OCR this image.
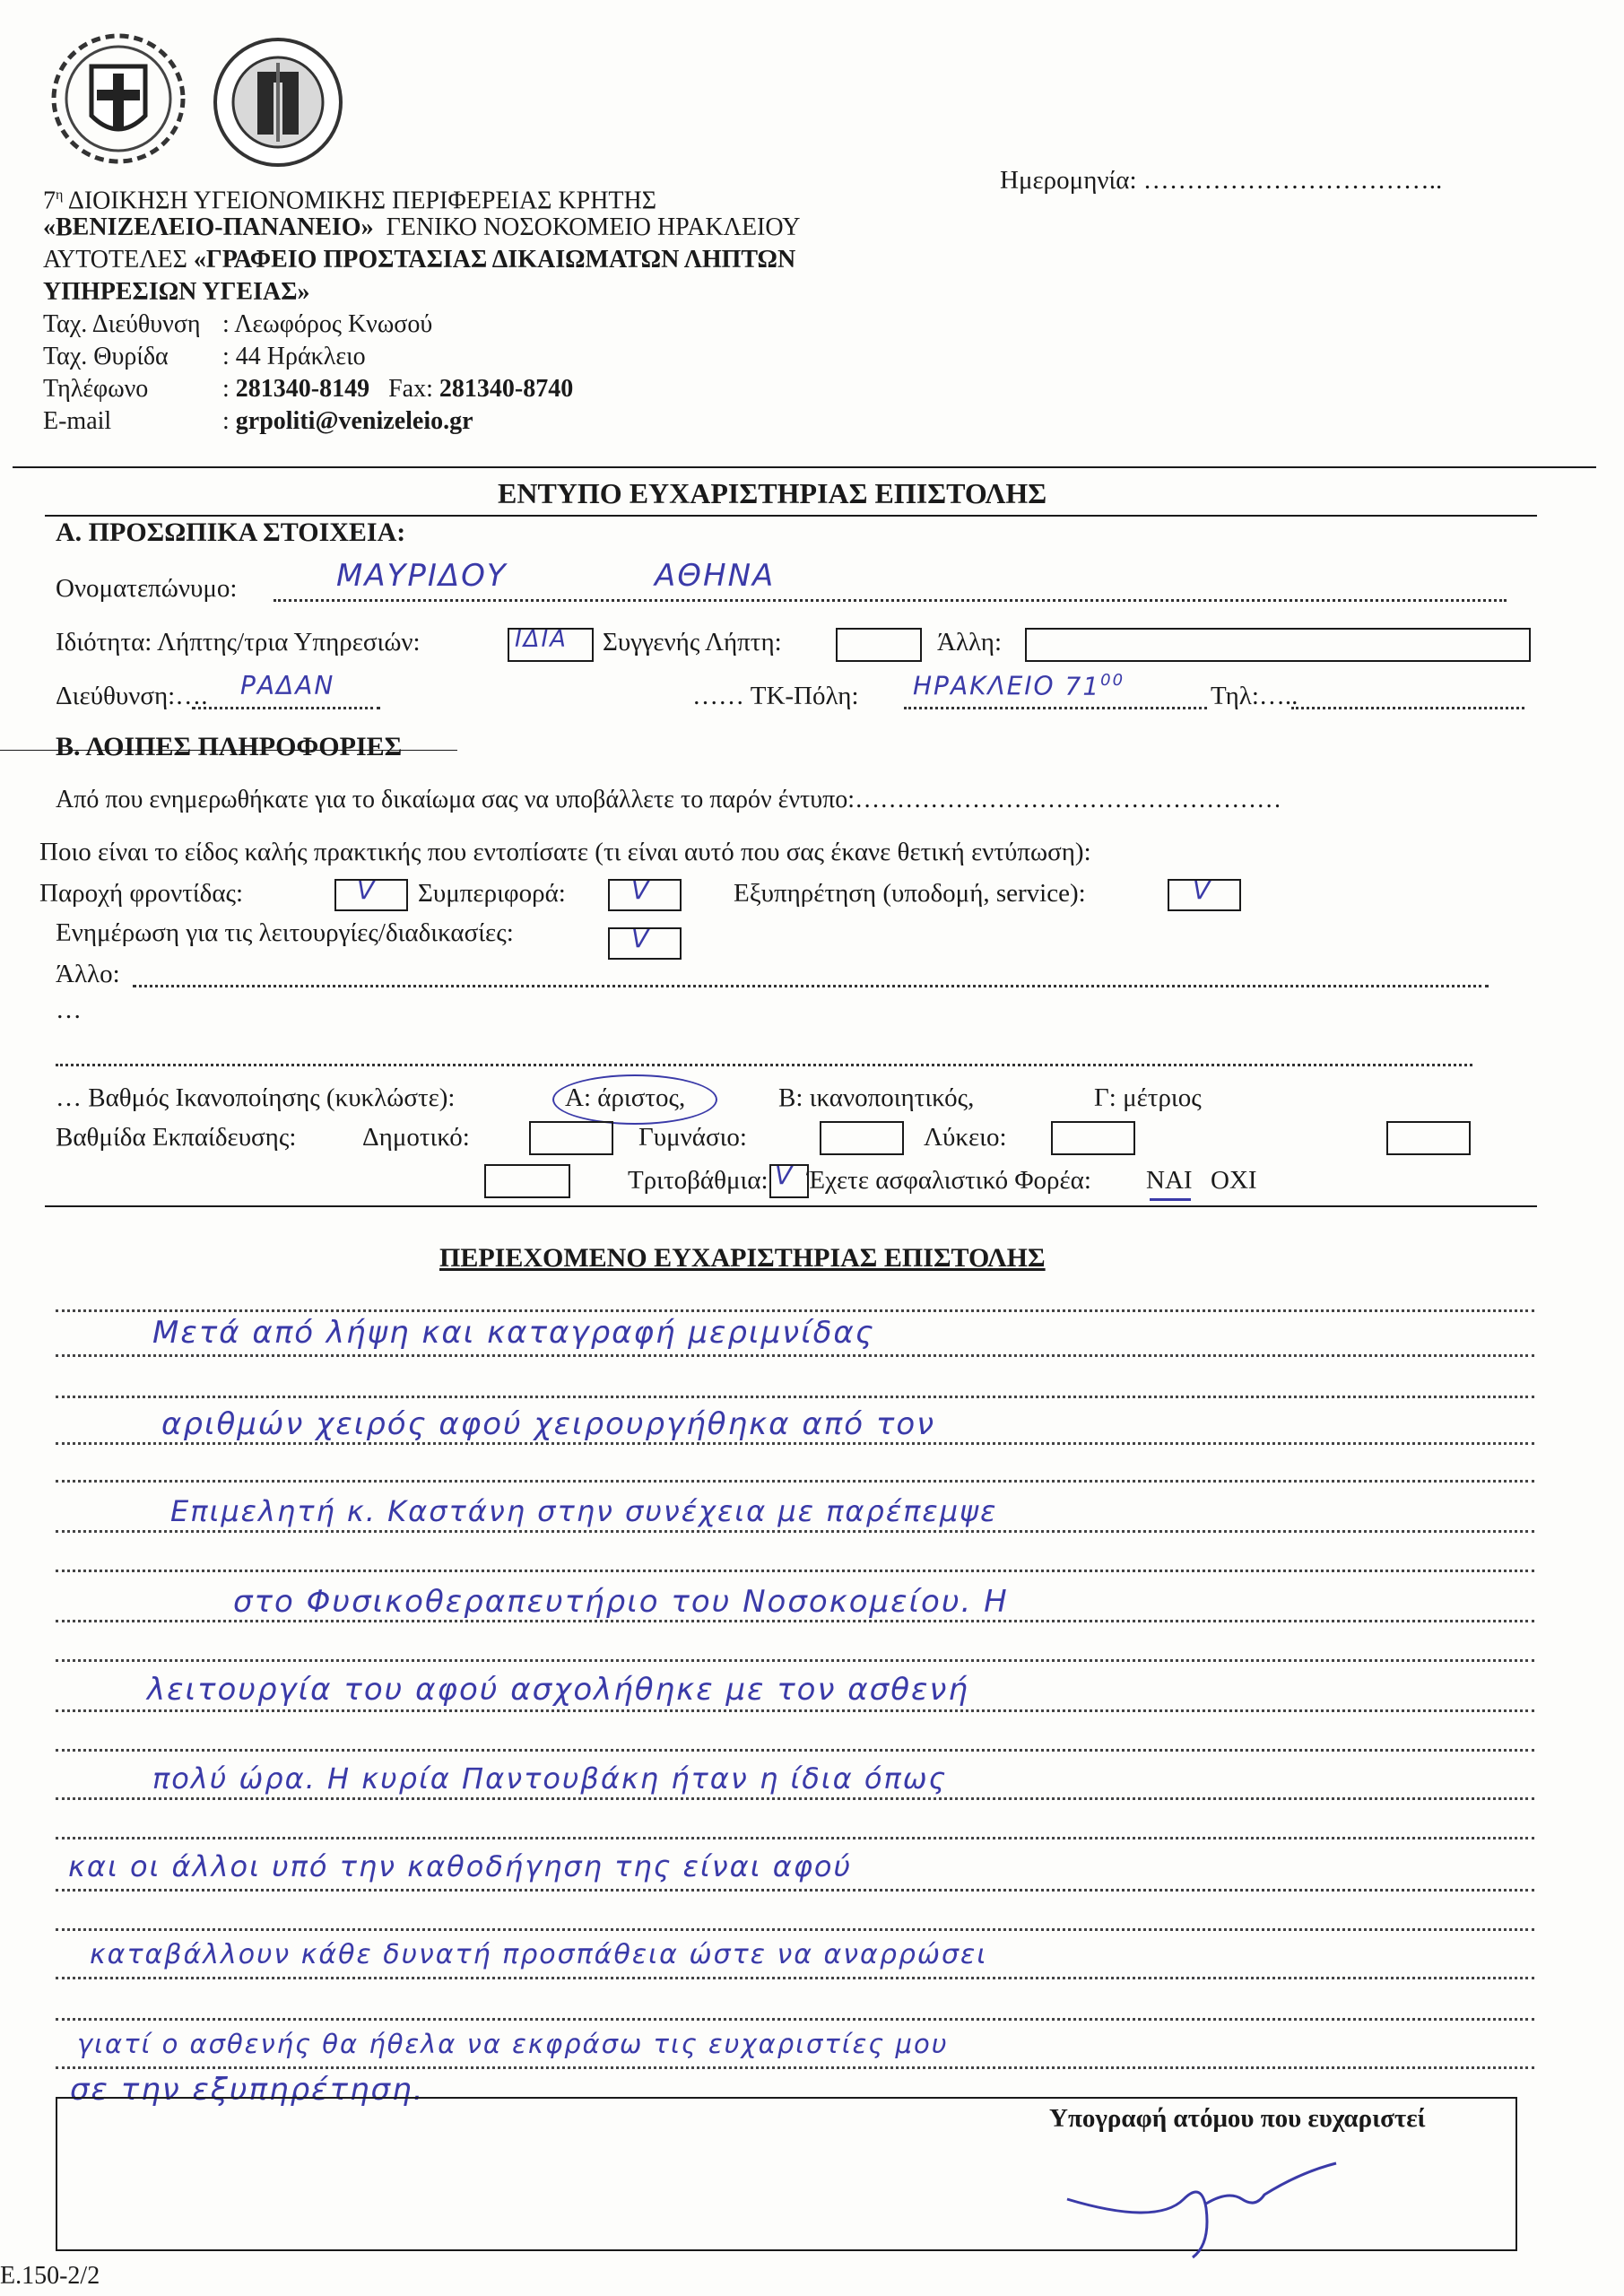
$7^\eta$ ΔΙΟΙΚΗΣΗ ΥΓΕΙΟΝΟΜΙΚΗΣ ΠΕΡΙΦΕΡΕΙΑΣ ΚΡΗΤΗΣ
«ΒΕΝΙΖΕΛΕΙΟ-ΠΑΝΑΝΕΙΟ» ΓΕΝΙΚΟ ΝΟΣΟΚΟΜΕΙΟ ΗΡΑΚΛΕΙΟΥ
ΑΥΤΟΤΕΛΕΣ «ΓΡΑΦΕΙΟ ΠΡΟΣΤΑΣΙΑΣ ΔΙΚΑΙΩΜΑΤΩΝ ΛΗΠΤΩΝ
ΥΠΗΡΕΣΙΩΝ ΥΓΕΙΑΣ»
Ταχ. Διεύθυνση : Λεωφόρος Κνωσού
Ταχ. Θυρίδα : 44 Ηράκλειο
Τηλέφωνο	: 281340-8149 Fax: 281340-8740
E-mail	: grpoliti@venizeleio.gr
Ημερομηνία: ……………………………..
ΕΝΤΥΠΟ ΕΥΧΑΡΙΣΤΗΡΙΑΣ ΕΠΙΣΤΟΛΗΣ
Α. ΠΡΟΣΩΠΙΚΑ ΣΤΟΙΧΕΙΑ:
Ονοματεπώνυμο:	ΜΑΥΡΙΔΟΥ	ΑΘΗΝΑ
Ιδιότητα: Λήπτης/τρια Υπηρεσιών:	ΙΔΙΑ Συγγενής Λήπτη:	Άλλη:
Διεύθυνση:…. ΡΑΔΑΝ	…… ΤΚ-Πόλη: ΗΡΑΚΛΕΙΟ $71^{00}$
Τηλ:…..
Β. ΛΟΙΠΕΣ ΠΛΗΡΟΦΟΡΙΕΣ
Από που ενημερωθήκατε για το δικαίωμα σας να υποβάλλετε το παρόν έντυπο:……………………………………………
Ποιο είναι το είδος καλής πρακτικής που εντοπίσατε (τι είναι αυτό που σας έκανε θετική εντύπωση):
Παροχή φροντίδας:	V Συμπεριφορά:	V	Εξυπηρέτηση (υποδομή, service):	V
Ενημέρωση για τις λειτουργίες/διαδικασίες:	V
Άλλο:
…
… Βαθμός Ικανοποίησης (κυκλώστε):	Α: άριστος,	Β: ικανοποιητικός,	Γ: μέτριος
Βαθμίδα Εκπαίδευσης:	Δημοτικό:	Γυμνάσιο:	Λύκειο:
Τριτοβάθμια: V Έχετε ασφαλιστικό Φορέα: ΝΑΙ ΟΧΙ
ΠΕΡΙΕΧΟΜΕΝΟ ΕΥΧΑΡΙΣΤΗΡΙΑΣ ΕΠΙΣΤΟΛΗΣ
Μετά από λήψη και καταγραφή μεριμνίδας
αριθμών χειρός αφού χειρουργήθηκα από τον
Επιμελητή κ. Καστάνη στην συνέχεια με παρέπεμψε
στο Φυσικοθεραπευτήριο του Νοσοκομείου. Η
λειτουργία του αφού ασχολήθηκε με τον ασθενή
πολύ ώρα. Η κυρία Παντουβάκη ήταν η ίδια όπως
και οι άλλοι υπό την καθοδήγηση της είναι αφού
καταβάλλουν κάθε δυνατή προσπάθεια ώστε να αναρρώσει
γιατί ο ασθενής θα ήθελα να εκφράσω τις ευχαριστίες μου
σε την εξυπηρέτηση.
Υπογραφή ατόμου που ευχαριστεί
Ε.150-2/2
